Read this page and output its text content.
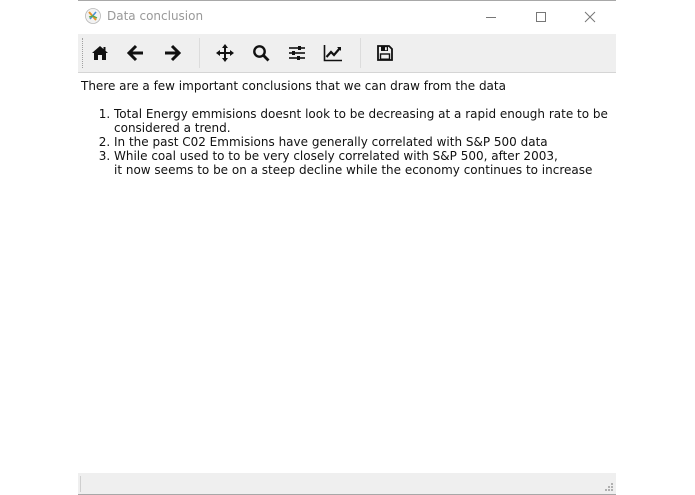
Data conclusion

There are a few important conclusions that we can draw from the data

1. Total Energy emmisions doesnt look to be decreasing at a rapid enough rate to be considered a trend.
2. In the past C02 Emmisions have generally correlated with S&P 500 data
3. While coal used to to be very closely correlated with S&P 500, after 2003,
it now seems to be on a steep decline while the economy continues to increase
